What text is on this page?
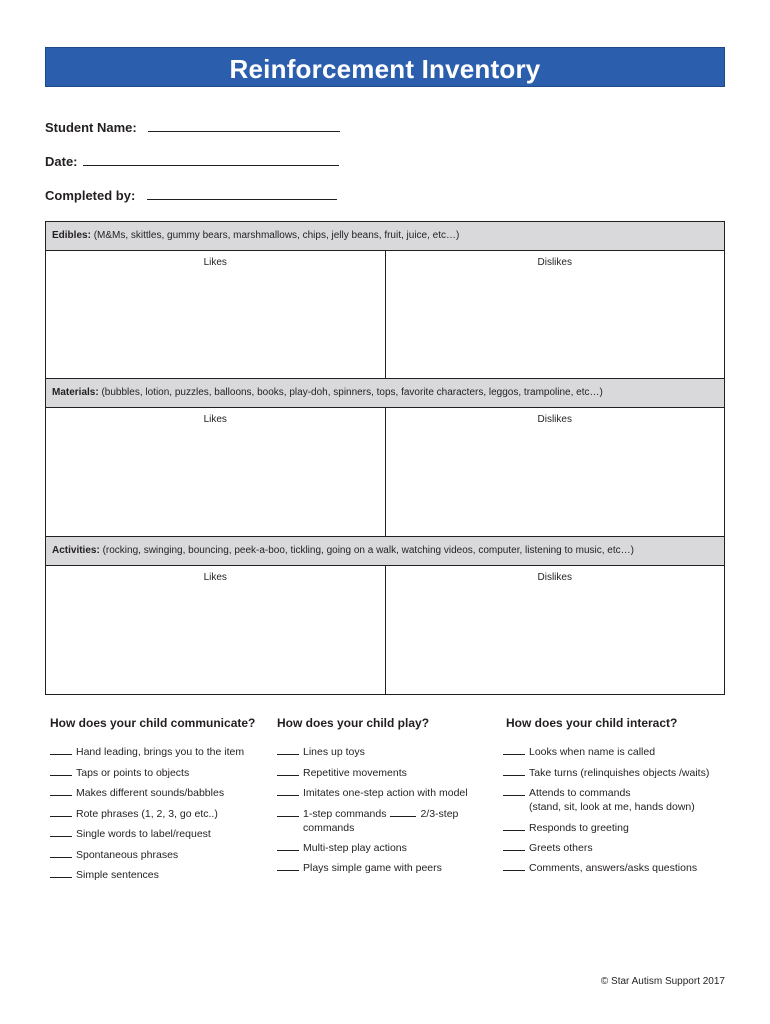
Reinforcement Inventory
Student Name:
Date:
Completed by:
Edibles: (M&Ms, skittles, gummy bears, marshmallows, chips, jelly beans, fruit, juice, etc…)
Likes	Dislikes
Materials: (bubbles, lotion, puzzles, balloons, books, play-doh, spinners, tops, favorite characters, leggos, trampoline, etc…)
Likes	Dislikes
Activities: (rocking, swinging, bouncing, peek-a-boo, tickling, going on a walk, watching videos, computer, listening to music, etc…)
Likes	Dislikes
How does your child communicate? How does your child play?	How does your child interact?
Hand leading, brings you to the item
Taps or points to objects
Makes different sounds/babbles
Rote phrases (1, 2, 3, go etc..)
Single words to label/request
Spontaneous phrases
Simple sentences
Lines up toys
Repetitive movements
Imitates one-step action with model
1-step commands	2/3-step
commands
Multi-step play actions
Plays simple game with peers
Looks when name is called
Take turns (relinquishes objects /waits)
Attends to commands
(stand, sit, look at me, hands down)
Responds to greeting
Greets others
Comments, answers/asks questions
© Star Autism Support 2017
